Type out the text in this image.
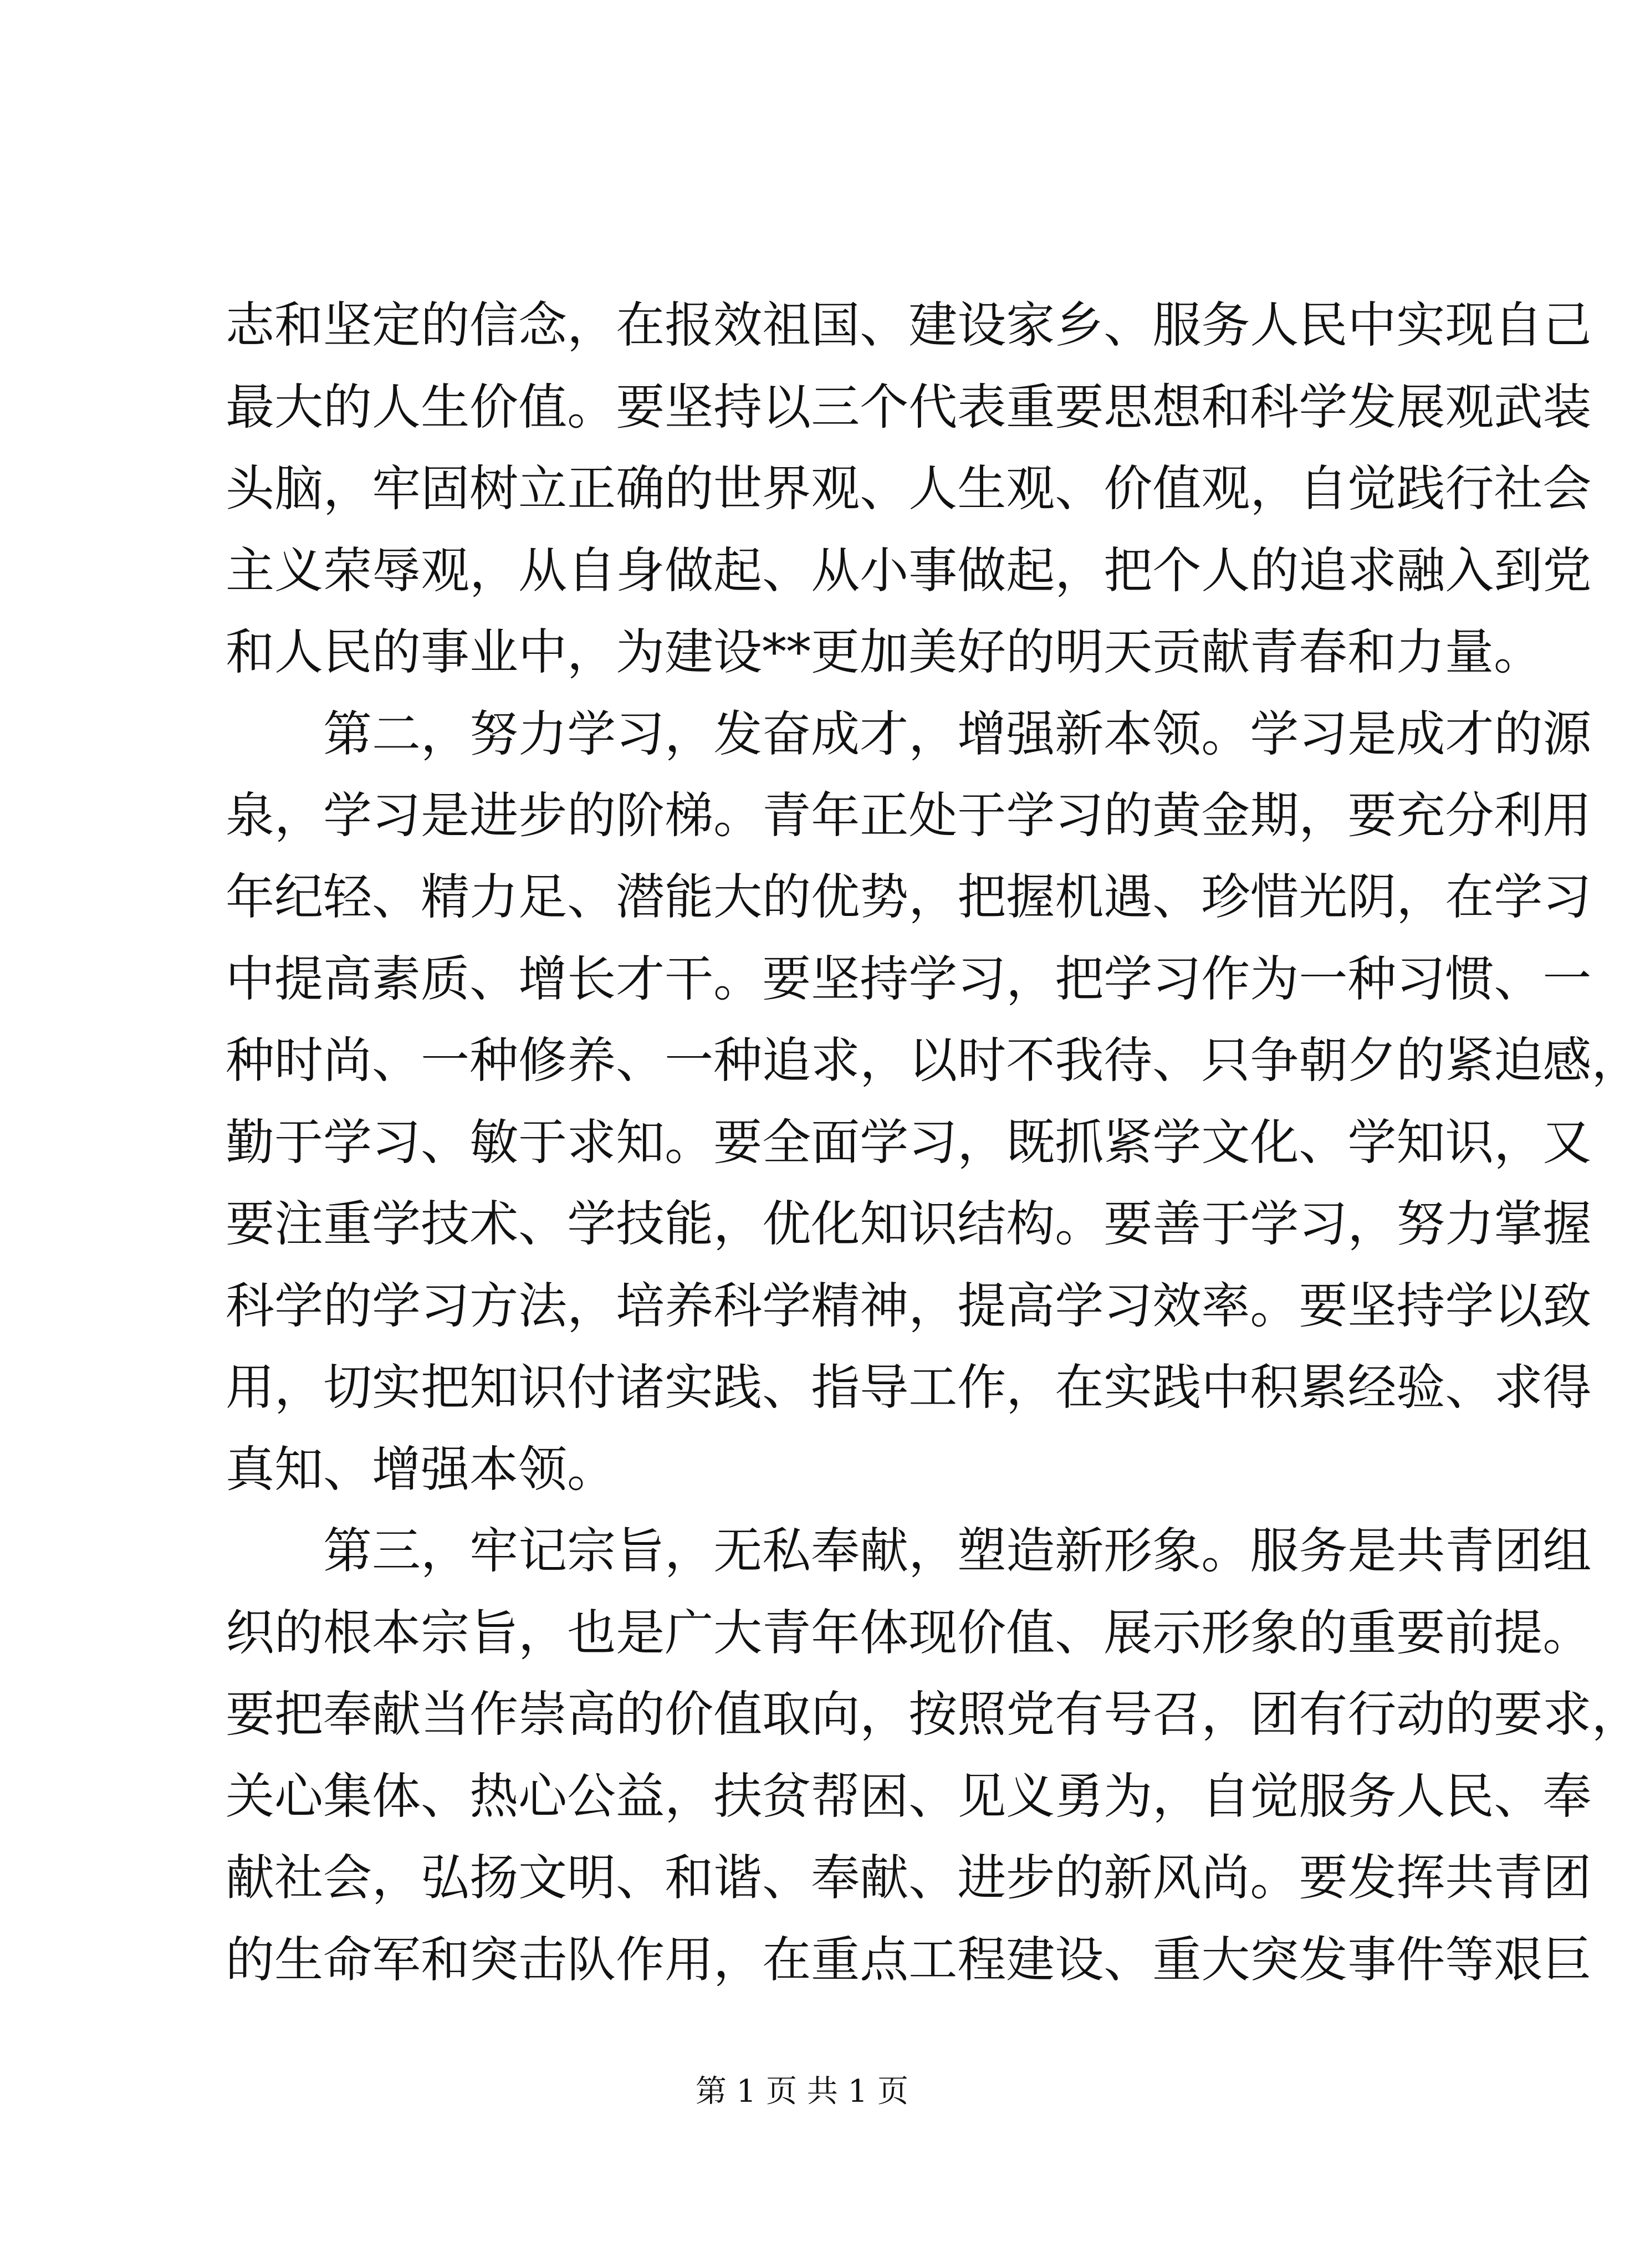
志 和 坚 定 的 信 念 ， 在 报 效 祖 国 、 建 设 家 乡 、 服 务 人 民 中 实 现 自 己
最 大 的 人 生 价 值 。 要 坚 持 以 三 个 代 表 重 要 思 想 和 科 学 发 展 观 武 装
头 脑 ， 牢 固 树 立 正 确 的 世 界 观 、 人 生 观 、 价 值 观 ， 自 觉 践 行 社 会
主 义 荣 辱 观 ， 从 自 身 做 起 、 从 小 事 做 起 ， 把 个 人 的 追 求 融 入 到 党
和人民的事业中，为建设**更加美好的明天贡献青春和力量。
第 二 ， 努 力 学 习 ， 发 奋 成 才 ， 增 强 新 本 领 。 学 习 是 成 才 的 源
泉 ， 学 习 是 进 步 的 阶 梯 。 青 年 正 处 于 学 习 的 黄 金 期 ， 要 充 分 利 用
年 纪 轻 、 精 力 足 、 潜 能 大 的 优 势 ， 把 握 机 遇 、 珍 惜 光 阴 ， 在 学 习
中 提 高 素 质 、 增 长 才 干 。 要 坚 持 学 习 ， 把 学 习 作 为 一 种 习 惯 、 一
种 时 尚 、 一 种 修 养 、 一 种 追 求 ， 以 时 不 我 待 、 只 争 朝 夕 的 紧 迫 感 ，
勤 于 学 习 、 敏 于 求 知 。 要 全 面 学 习 ， 既 抓 紧 学 文 化 、 学 知 识 ， 又
要 注 重 学 技 术 、 学 技 能 ， 优 化 知 识 结 构 。 要 善 于 学 习 ， 努 力 掌 握
科 学 的 学 习 方 法 ， 培 养 科 学 精 神 ， 提 高 学 习 效 率 。 要 坚 持 学 以 致
用 ， 切 实 把 知 识 付 诸 实 践 、 指 导 工 作 ， 在 实 践 中 积 累 经 验 、 求 得
真知、增强本领。
第 三 ， 牢 记 宗 旨 ， 无 私 奉 献 ， 塑 造 新 形 象 。 服 务 是 共 青 团 组
织 的 根 本 宗 旨 ， 也 是 广 大 青 年 体 现 价 值 、 展 示 形 象 的 重 要 前 提 。
要 把 奉 献 当 作 崇 高 的 价 值 取 向 ， 按 照 党 有 号 召 ， 团 有 行 动 的 要 求 ，
关 心 集 体 、 热 心 公 益 ， 扶 贫 帮 困 、 见 义 勇 为 ， 自 觉 服 务 人 民 、 奉
献 社 会 ， 弘 扬 文 明 、 和 谐 、 奉 献 、 进 步 的 新 风 尚 。 要 发 挥 共 青 团
的 生 命 军 和 突 击 队 作 用 ， 在 重 点 工 程 建 设 、 重 大 突 发 事 件 等 艰 巨
第 1 页 共 1 页
